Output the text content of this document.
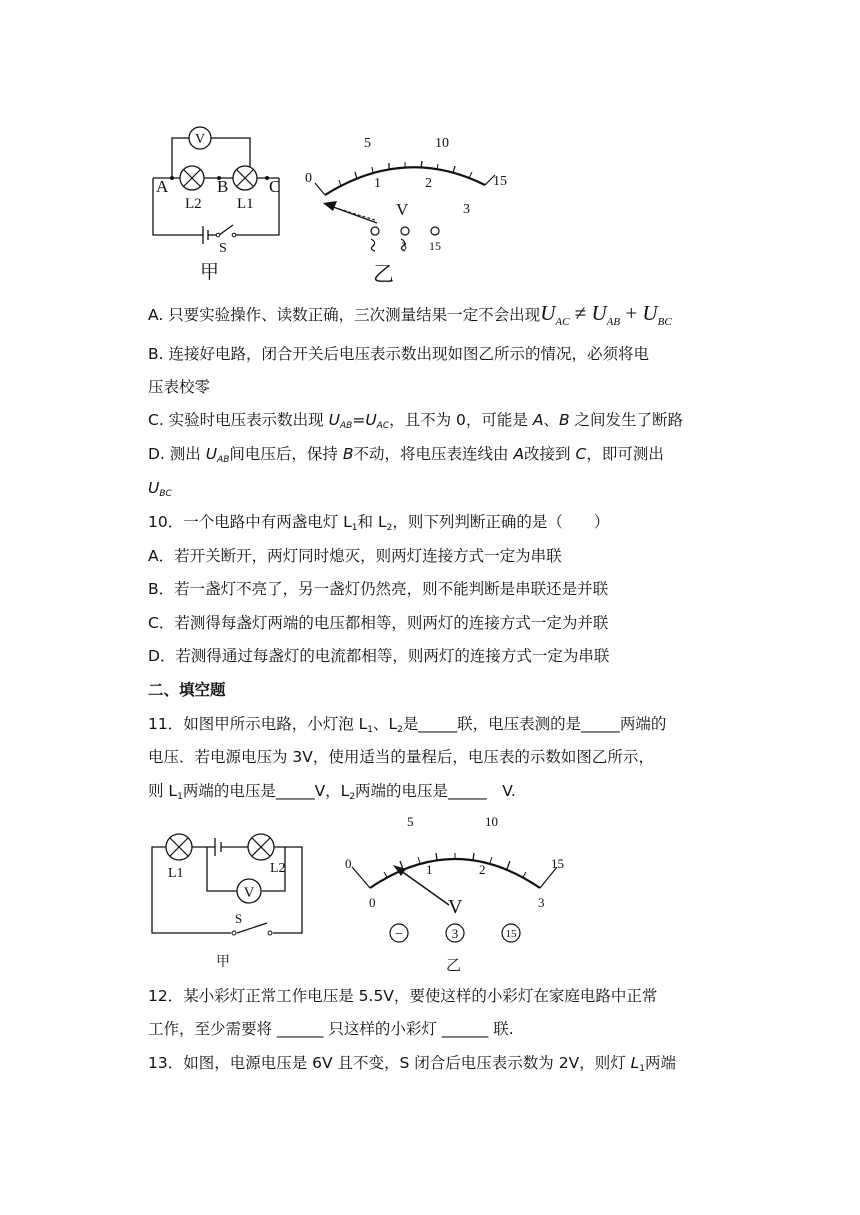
V
A	B C
L2 L1
S
甲
0
5	10
15
1	2
3
V
3 15
乙
A. 只要实验操作、读数正确，三次测量结果一定不会出现$U_{AC} \ne U_{AB} + U_{BC}$
B. 连接好电路，闭合开关后电压表示数出现如图乙所示的情况，必须将电
压表校零
C. 实验时电压表示数出现 $U_{AB}=U_{AC}$，且不为 0，可能是 A、B 之间发生了断路
D. 测出 $U_{AB}$间电压后，保持 B不动，将电压表连线由 A改接到 C，即可测出
$U_{BC}$
10．一个电路中有两盏电灯 $L_1$和 $L_2$，则下列判断正确的是（　　）
A．若开关断开，两灯同时熄灭，则两灯连接方式一定为串联
B．若一盏灯不亮了，另一盏灯仍然亮，则不能判断是串联还是并联
C．若测得每盏灯两端的电压都相等，则两灯的连接方式一定为并联
D．若测得通过每盏灯的电流都相等，则两灯的连接方式一定为串联
二、填空题
11．如图甲所示电路，小灯泡 $L_1$、$L_2$是_____联，电压表测的是_____两端的
电压．若电源电压为 3V，使用适当的量程后，电压表的示数如图乙所示，
则 $L_1$两端的电压是_____V，$L_2$两端的电压是_____　V.
L1	L2
V
S
甲
0
5	10
15
0
1	2
3
V
−	3	15
乙
12．某小彩灯正常工作电压是 5.5V，要使这样的小彩灯在家庭电路中正常
工作，至少需要将 ______ 只这样的小彩灯 ______ 联.
13．如图，电源电压是 6V 且不变，S 闭合后电压表示数为 2V，则灯 $L_1$两端
